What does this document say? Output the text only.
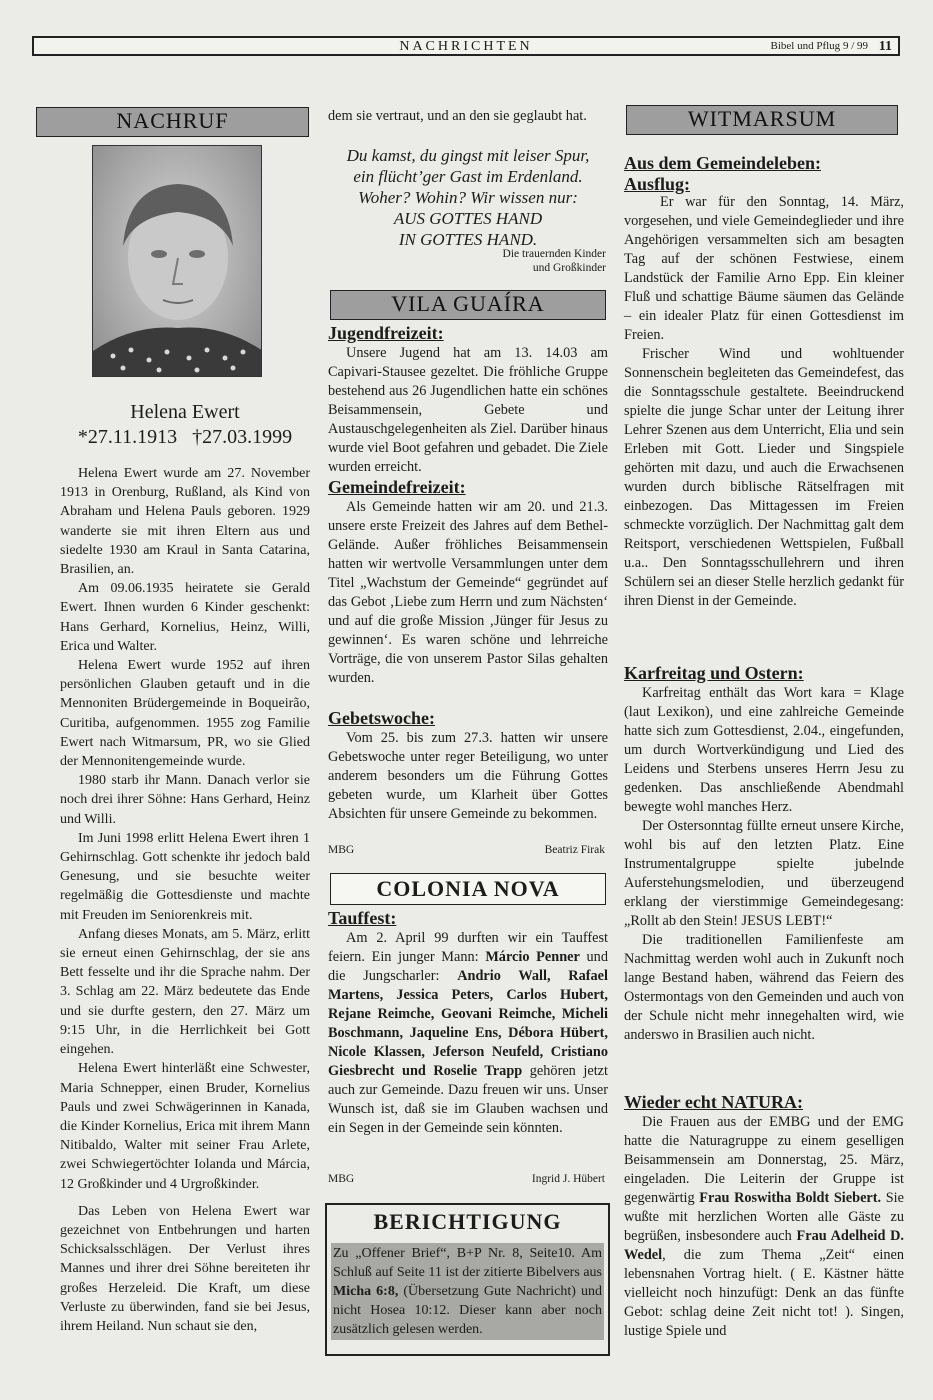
NACHRICHTEN	Bibel und Pflug 9 / 99 11
NACHRUF
Helena Ewert
*27.11.1913   †27.03.1999

Helena Ewert wurde am 27. November 1913 in Orenburg, Rußland, als Kind von Abraham und Helena Pauls geboren. 1929 wanderte sie mit ihren Eltern aus und siedelte 1930 am Kraul in Santa Catarina, Brasilien, an.

Am 09.06.1935 heiratete sie Gerald Ewert. Ihnen wurden 6 Kinder geschenkt: Hans Gerhard, Kornelius, Heinz, Willi, Erica und Walter.

Helena Ewert wurde 1952 auf ihren persönlichen Glauben getauft und in die Mennoniten Brüdergemeinde in Boqueirão, Curitiba, aufgenommen. 1955 zog Familie Ewert nach Witmarsum, PR, wo sie Glied der Mennonitengemeinde wurde.

1980 starb ihr Mann. Danach verlor sie noch drei ihrer Söhne: Hans Gerhard, Heinz und Willi.

Im Juni 1998 erlitt Helena Ewert ihren 1 Gehirnschlag. Gott schenkte ihr jedoch bald Genesung, und sie besuchte weiter regelmäßig die Gottesdienste und machte mit Freuden im Seniorenkreis mit.

Anfang dieses Monats, am 5. März, erlitt sie erneut einen Gehirnschlag, der sie ans Bett fesselte und ihr die Sprache nahm. Der 3. Schlag am 22. März bedeutete das Ende und sie durfte gestern, den 27. März um 9:15 Uhr, in die Herrlichkeit bei Gott eingehen.

Helena Ewert hinterläßt eine Schwester, Maria Schnepper, einen Bruder, Kornelius Pauls und zwei Schwägerinnen in Kanada, die Kinder Kornelius, Erica mit ihrem Mann Nitibaldo, Walter mit seiner Frau Arlete, zwei Schwiegertöchter Iolanda und Márcia, 12 Großkinder und 4 Urgroßkinder.

Das Leben von Helena Ewert war gezeichnet von Entbehrungen und harten Schicksalsschlägen. Der Verlust ihres Mannes und ihrer drei Söhne bereiteten ihr großes Herzeleid. Die Kraft, um diese Verluste zu überwinden, fand sie bei Jesus, ihrem Heiland. Nun schaut sie den,

dem sie vertraut, und an den sie geglaubt hat.
Du kamst, du gingst mit leiser Spur,
ein flücht’ger Gast im Erdenland.
Woher? Wohin? Wir wissen nur:
AUS GOTTES HAND
IN GOTTES HAND.
Die trauernden Kinder
und Großkinder
VILA GUAÍRA
Jugendfreizeit:

Unsere Jugend hat am 13. 14.03 am Capivari-Stausee gezeltet. Die fröhliche Gruppe bestehend aus 26 Jugendlichen hatte ein schönes Beisammensein, Gebete und Austauschgelegenheiten als Ziel. Darüber hinaus wurde viel Boot gefahren und gebadet. Die Ziele wurden erreicht.

Gemeindefreizeit:

Als Gemeinde hatten wir am 20. und 21.3. unsere erste Freizeit des Jahres auf dem Bethel-Gelände. Außer fröhliches Beisammensein hatten wir wertvolle Versammlungen unter dem Titel „Wachstum der Gemeinde“ gegründet auf das Gebot ‚Liebe zum Herrn und zum Nächsten‘ und auf die große Mission ‚Jünger für Jesus zu gewinnen‘. Es waren schöne und lehrreiche Vorträge, die von unserem Pastor Silas gehalten wurden.

Gebetswoche:

Vom 25. bis zum 27.3. hatten wir unsere Gebetswoche unter reger Beteiligung, wo unter anderem besonders um die Führung Gottes gebeten wurde, um Klarheit über Gottes Absichten für unsere Gemeinde zu bekommen.

MBG	Beatriz Firak
COLONIA NOVA
Tauffest:

Am 2. April 99 durften wir ein Tauffest feiern. Ein junger Mann: Márcio Penner und die Jungscharler: Andrio Wall, Rafael Martens, Jessica Peters, Carlos Hubert, Rejane Reimche, Geovani Reimche, Micheli Boschmann, Jaqueline Ens, Débora Hübert, Nicole Klassen, Jeferson Neufeld, Cristiano Giesbrecht und Roselie Trapp gehören jetzt auch zur Gemeinde. Dazu freuen wir uns. Unser Wunsch ist, daß sie im Glauben wachsen und ein Segen in der Gemeinde sein könnten.

MBG	Ingrid J. Hübert
BERICHTIGUNG
Zu „Offener Brief“, B+P Nr. 8, Seite10. Am Schluß auf Seite 11 ist der zitierte Bibelvers aus Micha 6:8, (Übersetzung Gute Nachricht) und nicht Hosea 10:12. Dieser kann aber noch zusätzlich gelesen werden.
WITMARSUM
Aus dem Gemeindeleben:
Ausflug:

Er war für den Sonntag, 14. März, vorgesehen, und viele Gemeindeglieder und ihre Angehörigen versammelten sich am besagten Tag auf der schönen Festwiese, einem Landstück der Familie Arno Epp. Ein kleiner Fluß und schattige Bäume säumen das Gelände – ein idealer Platz für einen Gottesdienst im Freien.

Frischer Wind und wohltuender Sonnenschein begleiteten das Gemeindefest, das die Sonntagsschule gestaltete. Beeindruckend spielte die junge Schar unter der Leitung ihrer Lehrer Szenen aus dem Unterricht, Elia und sein Erleben mit Gott. Lieder und Singspiele gehörten mit dazu, und auch die Erwachsenen wurden durch biblische Rätselfragen mit einbezogen. Das Mittagessen im Freien schmeckte vorzüglich. Der Nachmittag galt dem Reitsport, verschiedenen Wettspielen, Fußball u.a.. Den Sonntagsschullehrern und ihren Schülern sei an dieser Stelle herzlich gedankt für ihren Dienst in der Gemeinde.

Karfreitag und Ostern:

Karfreitag enthält das Wort kara = Klage (laut Lexikon), und eine zahlreiche Gemeinde hatte sich zum Gottesdienst, 2.04., eingefunden, um durch Wortverkündigung und Lied des Leidens und Sterbens unseres Herrn Jesu zu gedenken. Das anschließende Abendmahl bewegte wohl manches Herz.

Der Ostersonntag füllte erneut unsere Kirche, wohl bis auf den letzten Platz. Eine Instrumentalgruppe spielte jubelnde Auferstehungsmelodien, und überzeugend erklang der vierstimmige Gemeindegesang: „Rollt ab den Stein! JESUS LEBT!“

Die traditionellen Familienfeste am Nachmittag werden wohl auch in Zukunft noch lange Bestand haben, während das Feiern des Ostermontags von den Gemeinden und auch von der Schule nicht mehr innegehalten wird, wie anderswo in Brasilien auch nicht.

Wieder echt NATURA:

Die Frauen aus der EMBG und der EMG hatte die Naturagruppe zu einem geselligen Beisammensein am Donnerstag, 25. März, eingeladen. Die Leiterin der Gruppe ist gegenwärtig Frau Roswitha Boldt Siebert. Sie wußte mit herzlichen Worten alle Gäste zu begrüßen, insbesondere auch Frau Adelheid D. Wedel, die zum Thema „Zeit“ einen lebensnahen Vortrag hielt. ( E. Kästner hätte vielleicht noch hinzufügt: Denk an das fünfte Gebot: schlag deine Zeit nicht tot! ). Singen, lustige Spiele und
